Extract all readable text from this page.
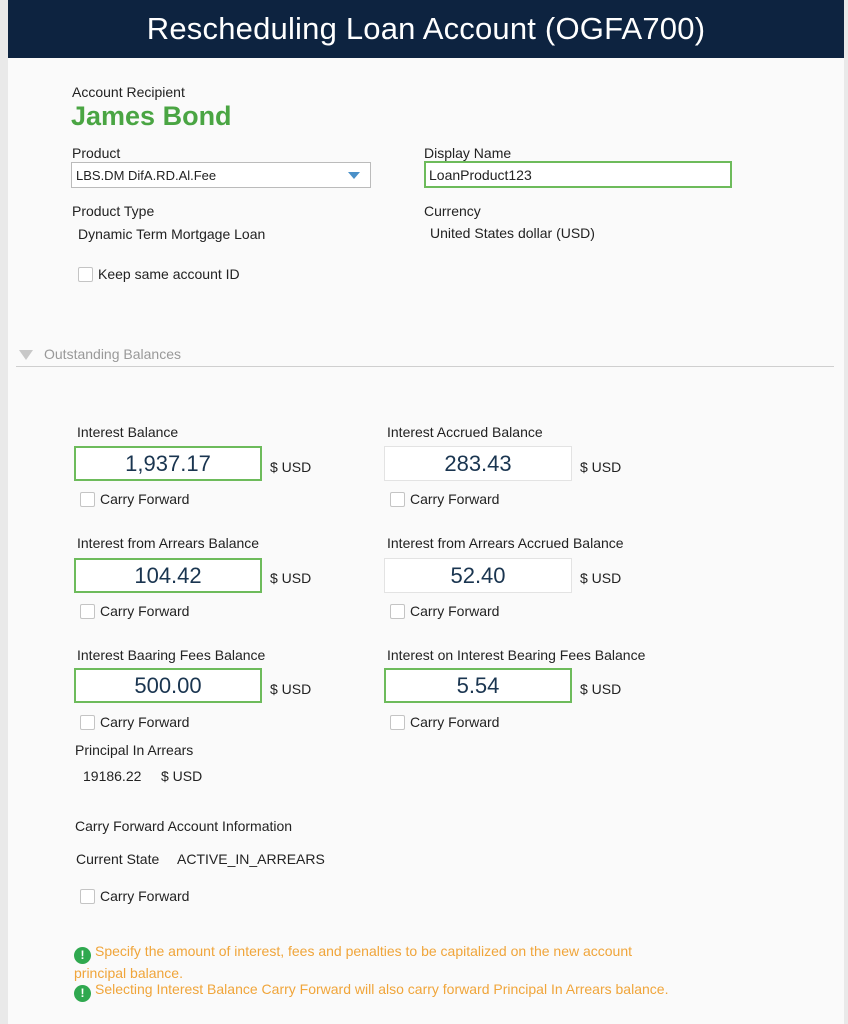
Rescheduling Loan Account (OGFA700)
Account Recipient
James Bond
Product
LBS.DM DifA.RD.Al.Fee
Display Name
LoanProduct123
Product Type
Dynamic Term Mortgage Loan
Currency
United States dollar (USD)
Keep same account ID
Outstanding Balances
Interest Balance
1,937.17
$ USD
Carry Forward
Interest Accrued Balance
283.43
$ USD
Carry Forward
Interest from Arrears Balance
104.42
$ USD
Carry Forward
Interest from Arrears Accrued Balance
52.40
$ USD
Carry Forward
Interest Baaring Fees Balance
500.00
$ USD
Carry Forward
Interest on Interest Bearing Fees Balance
5.54
$ USD
Carry Forward
Principal In Arrears
19186.22 $ USD
Carry Forward Account Information
Current State ACTIVE_IN_ARREARS
Carry Forward
! Specify the amount of interest, fees and penalties to be capitalized on the new account principal balance.
! Selecting Interest Balance Carry Forward will also carry forward Principal In Arrears balance.
